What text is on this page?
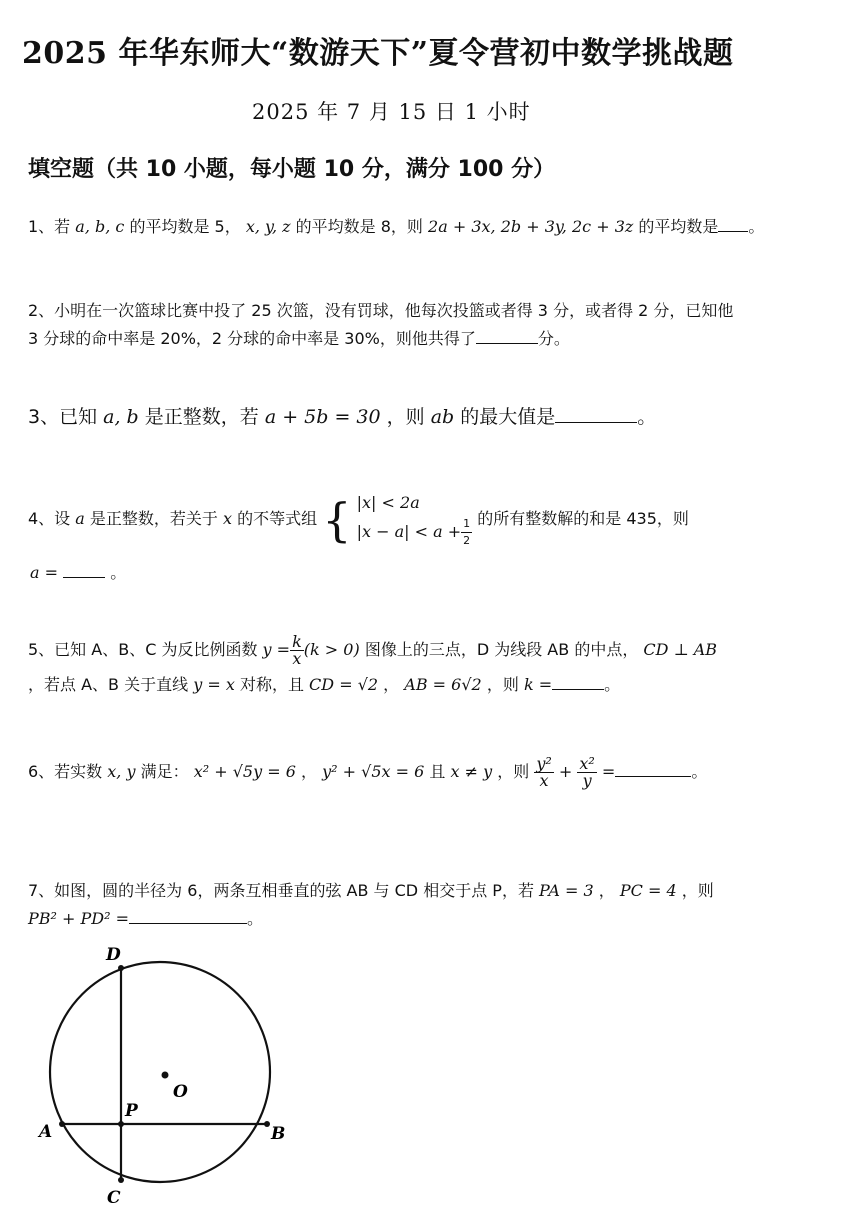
2025 年华东师大“数游天下”夏令营初中数学挑战题
2025 年 7 月 15 日 1 小时
填空题（共 10 小题，每小题 10 分，满分 100 分）
1、若 a, b, c 的平均数是 5， x, y, z 的平均数是 8，则 2a + 3x, 2b + 3y, 2c + 3z 的平均数是 。
2、小明在一次篮球比赛中投了 25 次篮，没有罚球，他每次投篮或者得 3 分，或者得 2 分，已知他
3 分球的命中率是 20%，2 分球的命中率是 30%，则他共得了	分。
3、已知 a, b 是正整数，若 a + 5b = 30 ，则 ab 的最大值是	。
4、设 a 是正整数，若关于 x 的不等式组 { |x| < 2a
$|x - a| < a + \frac{1}{2}$ 的所有整数解的和是 435，则
a =	。
5、已知 A、B、C 为反比例函数 $y = \frac{k}{x} (k > 0)$ 图像上的三点，D 为线段 AB 的中点， CD ⊥ AB
，若点 A、B 关于直线 y = x 对称，且 CD = √2 ， AB = 6√2 ，则 k =	。
6、若实数 x, y 满足： x² + √5y = 6 ， y² + √5x = 6 且 x ≠ y ，则 $\frac{\text{y²}}{x} + \frac{\text{x²}}{y}$ =	。
7、如图，圆的半径为 6，两条互相垂直的弦 AB 与 CD 相交于点 P，若 PA = 3 ， PC = 4 ，则
PB² + PD² =	。
D
O
P
A	B
C
